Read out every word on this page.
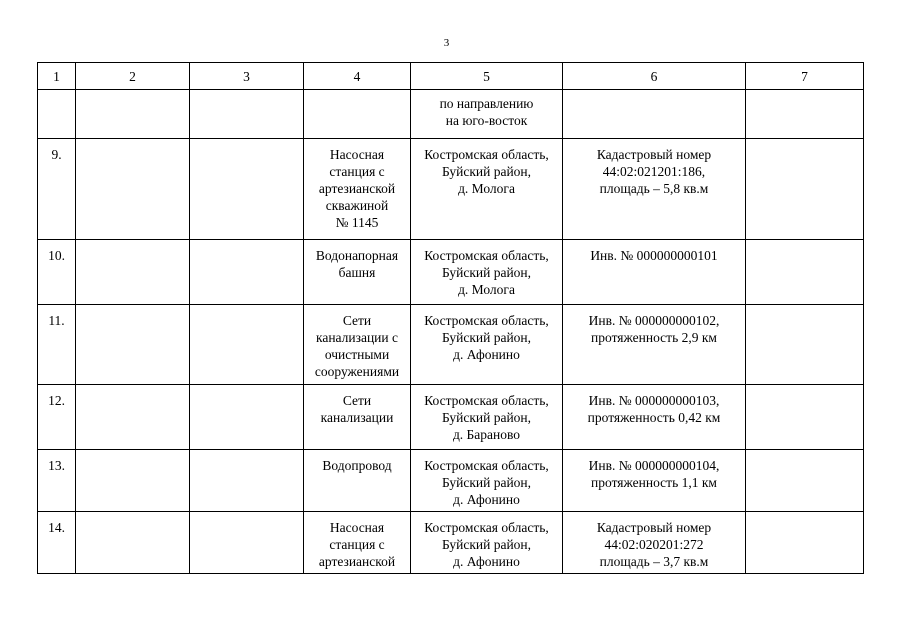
3
1	2	3	4	5	6	7
				по направлению
на юго-восток		
9.			Насосная
станция с
артезианской
скважиной
№ 1145	Костромская область,
Буйский район,
д. Мологa	Кадастровый номер
44:02:021201:186,
площадь – 5,8 кв.м	
10.			Водонапорная
башня	Костромская область,
Буйский район,
д. Мологa	Инв. № 000000000101	
11.			Сети
канализации с
очистными
сооружениями	Костромская область,
Буйский район,
д. Афонино	Инв. № 000000000102,
протяженность 2,9 км	
12.			Сети
канализации	Костромская область,
Буйский район,
д. Бараново	Инв. № 000000000103,
протяженность 0,42 км	
13.			Водопровод	Костромская область,
Буйский район,
д. Афонино	Инв. № 000000000104,
протяженность 1,1 км	
14.			Насосная
станция с
артезианской	Костромская область,
Буйский район,
д. Афонино	Кадастровый номер
44:02:020201:272
площадь – 3,7 кв.м	
